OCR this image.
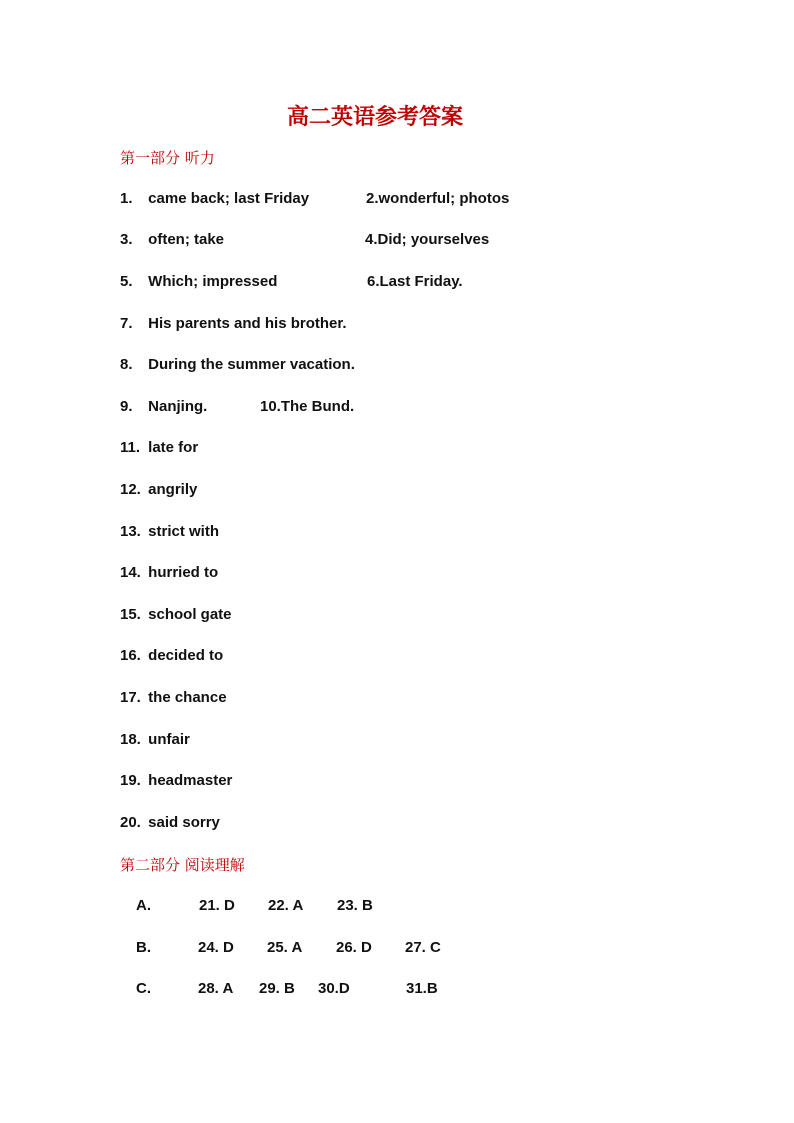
高二英语参考答案
第一部分 听力
1. came back; last Friday	2.wonderful; photos
3. often; take	4.Did; yourselves
5. Which; impressed	6.Last Friday.
7. His parents and his brother.
8. During the summer vacation.
9. Nanjing.	10.The Bund.
11. late for
12. angrily
13. strict with
14. hurried to
15. school gate
16. decided to
17. the chance
18. unfair
19. headmaster
20. said sorry
第二部分 阅读理解
A.	21. D 22. A 23. B
B.	24. D 25. A 26. D 27. C
C.	28. A 29. B 30.D	31.B
